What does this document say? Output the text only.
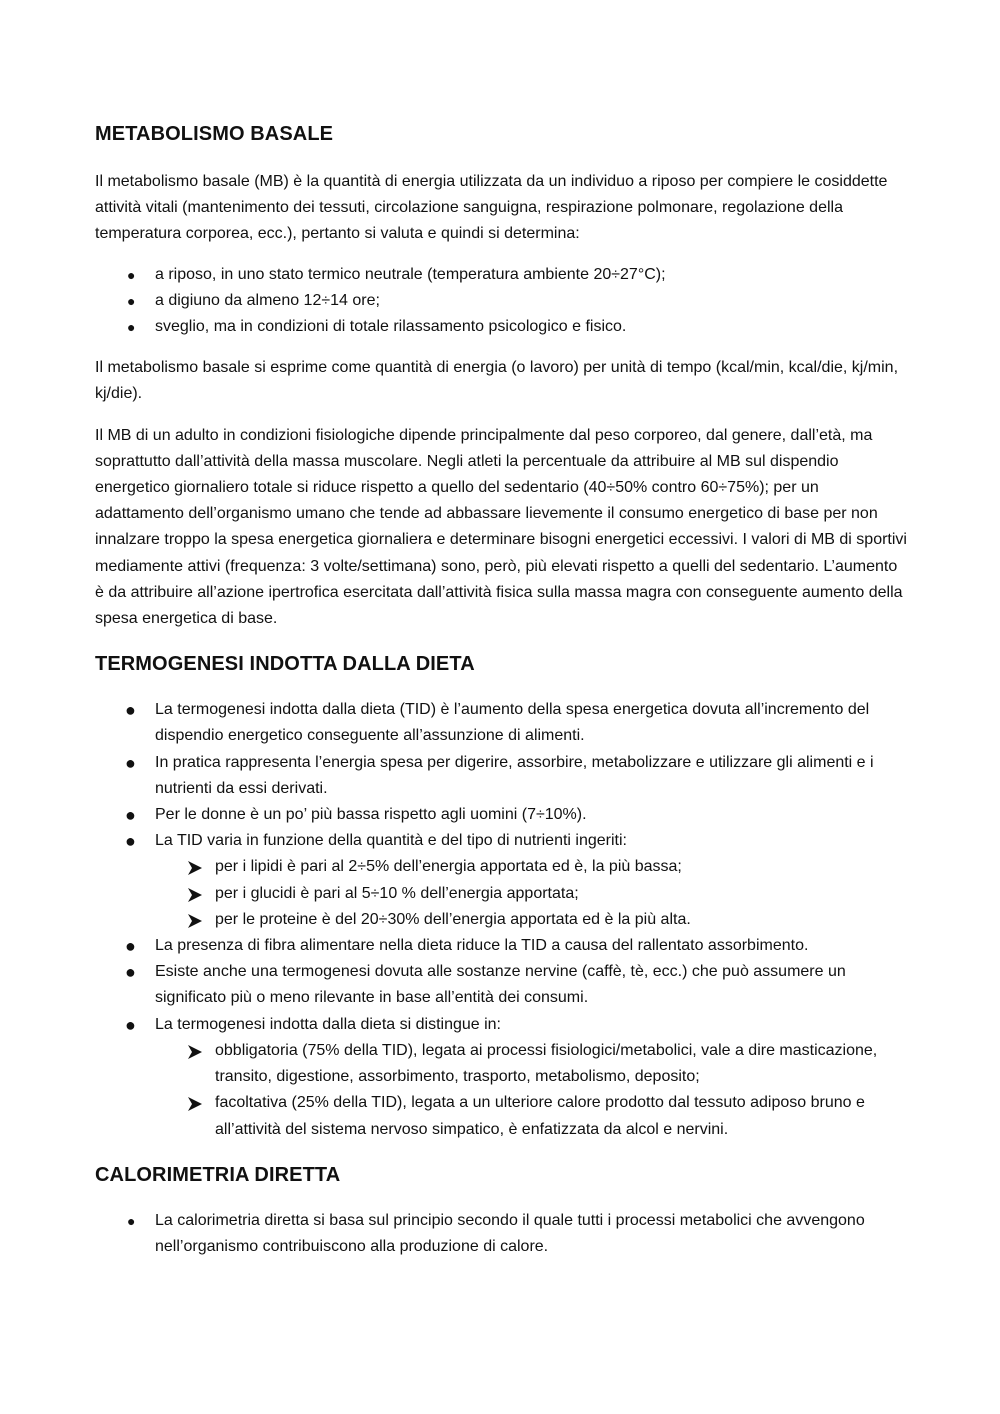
METABOLISMO BASALE

Il metabolismo basale (MB) è la quantità di energia utilizzata da un individuo a riposo per compiere le cosiddette attività vitali (mantenimento dei tessuti, circolazione sanguigna, respirazione polmonare, regolazione della temperatura corporea, ecc.), pertanto si valuta e quindi si determina:

● a riposo, in uno stato termico neutrale (temperatura ambiente 20÷27°C);
● a digiuno da almeno 12÷14 ore;
● sveglio, ma in condizioni di totale rilassamento psicologico e fisico.

Il metabolismo basale si esprime come quantità di energia (o lavoro) per unità di tempo (kcal/min, kcal/die, kj/min, kj/die).

Il MB di un adulto in condizioni fisiologiche dipende principalmente dal peso corporeo, dal genere, dall’età, ma soprattutto dall’attività della massa muscolare. Negli atleti la percentuale da attribuire al MB sul dispendio energetico giornaliero totale si riduce rispetto a quello del sedentario (40÷50% contro 60÷75%); per un adattamento dell’organismo umano che tende ad abbassare lievemente il consumo energetico di base per non innalzare troppo la spesa energetica giornaliera e determinare bisogni energetici eccessivi. I valori di MB di sportivi mediamente attivi (frequenza: 3 volte/settimana) sono, però, più elevati rispetto a quelli del sedentario. L’aumento è da attribuire all’azione ipertrofica esercitata dall’attività fisica sulla massa magra con conseguente aumento della spesa energetica di base.

TERMOGENESI INDOTTA DALLA DIETA
● La termogenesi indotta dalla dieta (TID) è l’aumento della spesa energetica dovuta all’incremento del dispendio energetico conseguente all’assunzione di alimenti.
● In pratica rappresenta l’energia spesa per digerire, assorbire, metabolizzare e utilizzare gli alimenti e i nutrienti da essi derivati.
● Per le donne è un po’ più bassa rispetto agli uomini (7÷10%).
● La TID varia in funzione della quantità e del tipo di nutrienti ingeriti:
per i lipidi è pari al 2÷5% dell’energia apportata ed è, la più bassa;
per i glucidi è pari al 5÷10 % dell’energia apportata;
per le proteine è del 20÷30% dell’energia apportata ed è la più alta.
● La presenza di fibra alimentare nella dieta riduce la TID a causa del rallentato assorbimento.
● Esiste anche una termogenesi dovuta alle sostanze nervine (caffè, tè, ecc.) che può assumere un significato più o meno rilevante in base all’entità dei consumi.
● La termogenesi indotta dalla dieta si distingue in:
obbligatoria (75% della TID), legata ai processi fisiologici/metabolici, vale a dire masticazione, transito, digestione, assorbimento, trasporto, metabolismo, deposito;
facoltativa (25% della TID), legata a un ulteriore calore prodotto dal tessuto adiposo bruno e all’attività del sistema nervoso simpatico, è enfatizzata da alcol e nervini.
CALORIMETRIA DIRETTA
● La calorimetria diretta si basa sul principio secondo il quale tutti i processi metabolici che avvengono nell’organismo contribuiscono alla produzione di calore.
